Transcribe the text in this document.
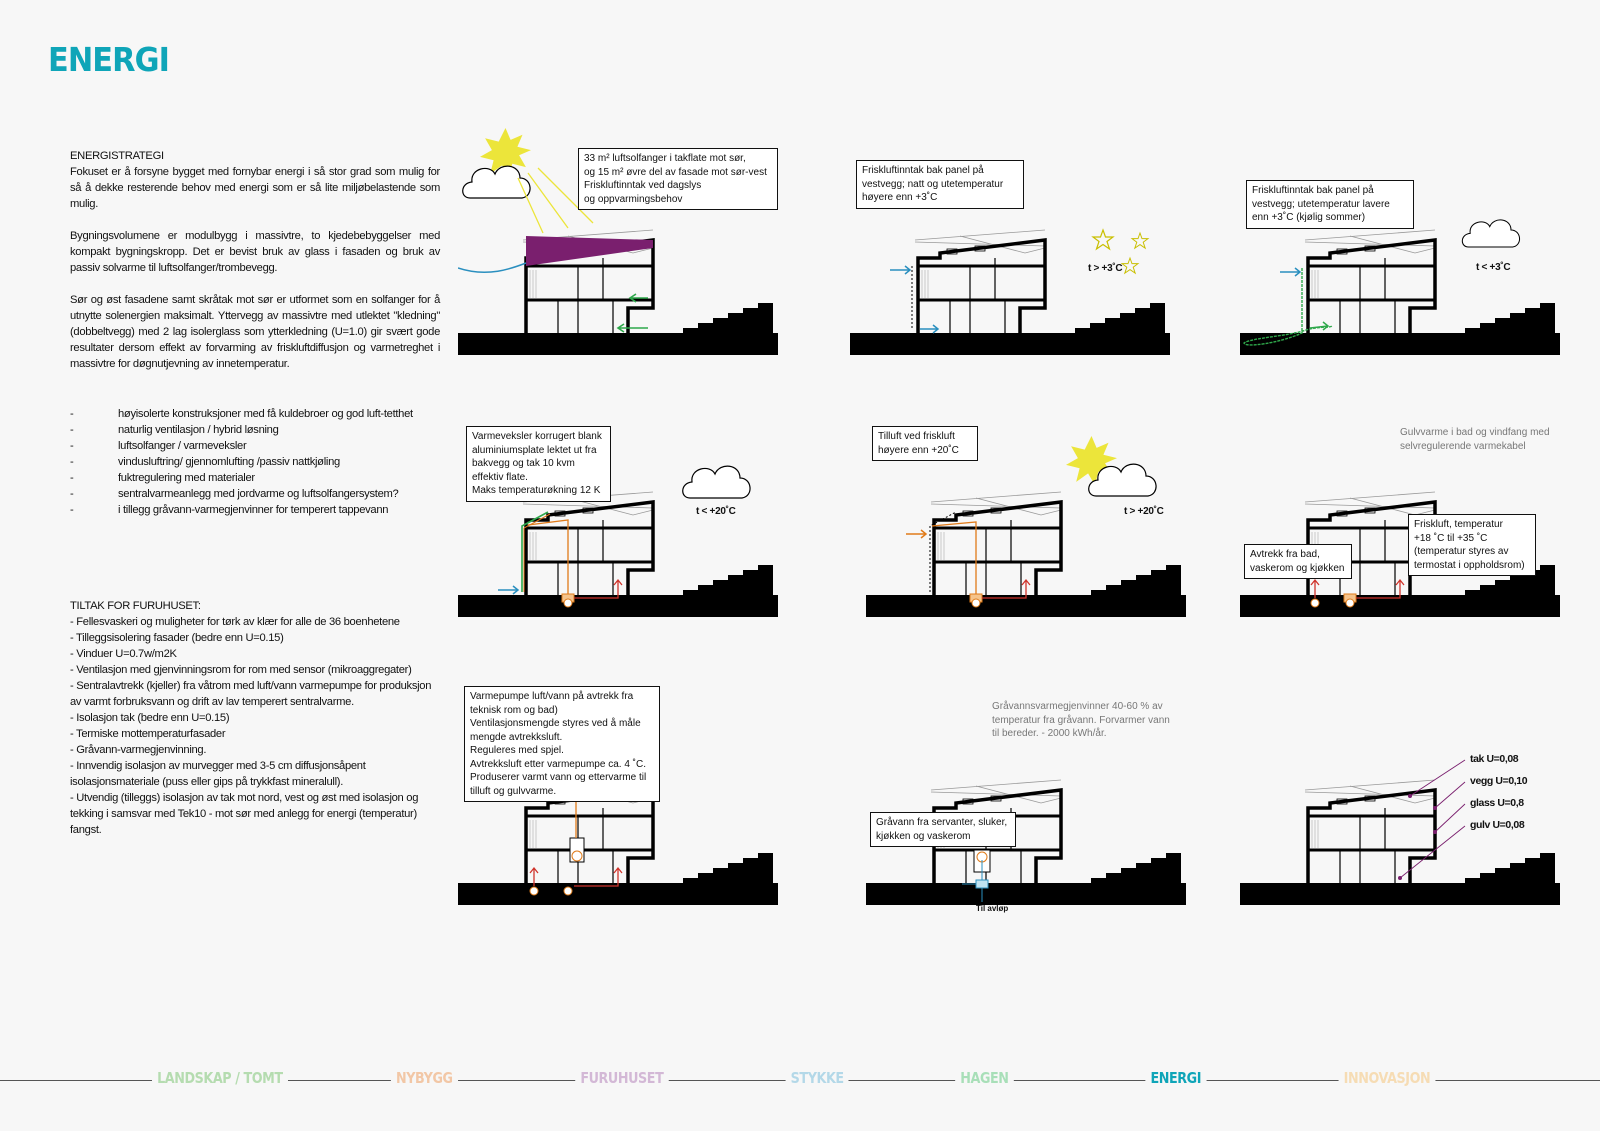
ENERGI
ENERGISTRATEGI

Fokuset er å forsyne bygget med fornybar energi i så stor grad som mulig for så å dekke resterende behov med energi som er så lite miljøbelastende som mulig.

Bygningsvolumene er modulbygg i massivtre, to kjedebebyggelser med kompakt bygningskropp. Det er bevist bruk av glass i fasaden og bruk av passiv solvarme til luftsolfanger/trombevegg.

Sør og øst fasadene samt skråtak mot sør er utformet som en solfanger for å utnytte solenergien maksimalt. Yttervegg av massivtre med utlektet "kledning" (dobbeltvegg) med 2 lag isolerglass som ytterkledning (U=1.0) gir svært gode resultater dersom effekt av forvarming av friskluftdiffusjon og varmetreghet i massivtre for døgnutjevning av innetemperatur.

-	høyisolerte konstruksjoner med få kuldebroer og god luft-tetthet
-	naturlig ventilasjon / hybrid løsning
-	luftsolfanger / varmeveksler
-	vindusluftring/ gjennomlufting /passiv nattkjøling
-	fuktregulering med materialer
-	sentralvarmeanlegg med jordvarme og luftsolfangersystem?
-	i tillegg gråvann-varmegjenvinner for temperert tappevann
TILTAK FOR FURUHUSET:
- Fellesvaskeri og muligheter for tørk av klær for alle de 36 boenhetene
- Tilleggsisolering fasader (bedre enn U=0.15)
- Vinduer U=0.7w/m2K
- Ventilasjon med gjenvinningsrom for rom med sensor (mikroaggregater)
- Sentralavtrekk (kjeller) fra våtrom med luft/vann varmepumpe for produksjon av varmt forbruksvann og drift av lav temperert sentralvarme.
- Isolasjon tak (bedre enn U=0.15)
- Termiske mottemperaturfasader
- Gråvann-varmegjenvinning.
- Innvendig isolasjon av murvegger med 3-5 cm diffusjonsåpent isolasjonsmateriale (puss eller gips på trykkfast mineralull).
- Utvendig (tilleggs) isolasjon av tak mot nord, vest og øst med isolasjon og tekking i samsvar med Tek10 - mot sør med anlegg for energi (temperatur) fangst.
33 m² luftsolfanger i takflate mot sør,
og 15 m² øvre del av fasade mot sør-vest
Friskluftinntak ved dagslys
og oppvarmingsbehov
Friskluftinntak bak panel på
vestvegg; natt og utetemperatur
høyere enn +3˚C
t > +3˚C
Friskluftinntak bak panel på
vestvegg; utetemperatur lavere
enn +3˚C (kjølig sommer)
t < +3˚C
Varmeveksler korrugert blank
aluminiumsplate lektet ut fra
bakvegg og tak 10 kvm
effektiv flate.
Maks temperaturøkning 12 K
t < +20˚C
Tilluft ved friskluft
høyere enn +20˚C
t > +20˚C
Gulvvarme i bad og vindfang med
selvregulerende varmekabel
Avtrekk fra bad,
vaskerom og kjøkken
Friskluft, temperatur
+18 ˚C til +35 ˚C
(temperatur styres av
termostat i oppholdsrom)
Varmepumpe luft/vann på avtrekk fra
teknisk rom og bad)
Ventilasjonsmengde styres ved å måle
mengde avtrekksluft.
Reguleres med spjel.
Avtrekksluft etter varmepumpe ca. 4 ˚C.
Produserer varmt vann og ettervarme til
tilluft og gulvvarme.
Gråvannsvarmegjenvinner 40-60 % av
temperatur fra gråvann. Forvarmer vann
til bereder. - 2000 kWh/år.
Gråvann fra servanter, sluker,
kjøkken og vaskerom
Til avløp
tak U=0,08
vegg U=0,10
glass U=0,8
gulv U=0,08
LANDSKAP / TOMT	NYBYGG	FURUHUSET	STYKKE	HAGEN	ENERGI	INNOVASJON
